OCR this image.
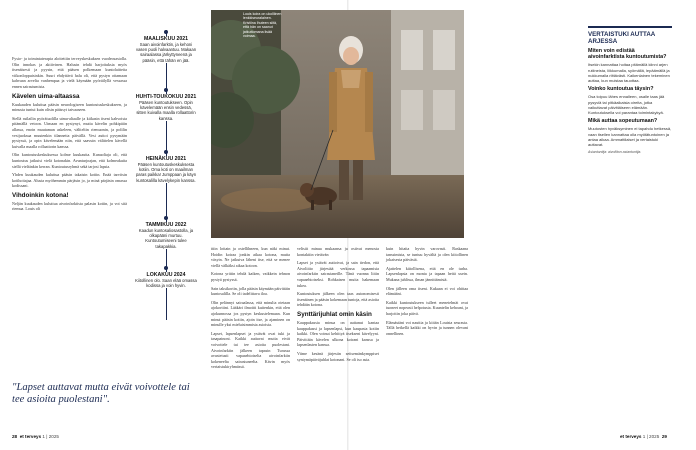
Fysio- ja toimintaterapia aloitettiin terveyskeskuksen vuodeosastolla. Olin innokas ja aktiivinen. Halusin tehdä harjoituksia myös itsenäisesti ja pyysin, että pääsen polkemaan kuntolaitteita viikonloppuisinkin. Suuri ehdyttävä halu oli, että pystyn ottamaan kahvaan arvelta vanhempaa ja vielä käymään pyöräilyllä vessassa ennen sairastumista.

Kävelen uima-altaassa

Kuukauden kuluttua pääsin neurologiseen kuntoutuskeskukseen, ja minusta tuntui kuin olisin päässyt taivaaseen.

Siellä ruilailin pyörätuolilla uima-altaalle ja kiikasin itseni kahvoista pitämällä vetoon. Uimaan en pystynyt, mutta kävelin pohkipäiin allassa, enoin muutaman askeleen, väliteltin riemuonin, ja polilin vesijuoksua muutenkin tilannetta päivällä. Vesi auttoi pysymään pystyssä, ja opin kävelemään niin, että saavuin välittelen kävellä kuivalla maalla rollaattorin kanssa.

Olin kuntoutuskeskuksessa kolme kuukautta. Kunaoliaja oli, että kuntoutus jatkuisi vielä kotonakin. Avuntarjoajan, että kolmeakuita siellä vieläinkin kerran. Kuntoutusryhmä sekä tarjosi lapsia.

Yhden kuukauden kuluttua pääsin takaisin kotiin. Enää tarvitsin kotihoitajaa. Alusta myöhemmin pärjäsin jo, ja minä pärjäsin omassa kodissani.

Vihdoinkin kotona!

Neljän kuukauden kuluttua aivoinfarktista palasin kotiin, ja voi sitä riemua. Louis oli

MAALISKUU 2021
Saan aivoinfarktin, ja kehoni vasen puoli halvaantuu. Makaan sairaalassa järkyttyneenä ja pääsin, että tähän en jää.
HUHTI-TOUKOKUU 2021
Pääsen kuntoutukseen. Opin kävelemään ensin vedessä, sitten kuivalla maalla rollaattorin kanssa.
HEINÄKUU 2021
Pääsen kuntoutuskeskuksesta kotiin. Oma koti on maailman paras paikka! Jumppaan ja käyn kuntosalilla kävelykepin kanssa.
TAMMIKUU 2022
Kaadun kuntosaliosastolla, ja olkapääni murtuu. Kuntoutumiseeni tulee takapakkia.
LOKAKUU 2024
Kiitollinen olo. Saan elää omassa kodissa ja voin hyvin.
"Lapset auttavat mutta eivät voivottele tai tee asioita puolestani".
28 et terveys 1 | 2025
Louis koira on ukolliinen lenkkiseuralainen. Kristiina lhuteen siitä, että hän on saanut jatkuttomana lisää voimaa.

ttiin lottain ja ostellihneen, kun näki minut. Hoidin koiraa jonkin aikaa kotona, mutta väsyin. Ne jatkuiva läheni itse, että se menee viellä välkäksi aikaa kotoon.

Kotona yrittin tehdä kaiken, vaikkein tehnon pystyä pystyssä.

Sain taksikortin, jolla pääsin käymään päivittäin kuntosalilla. Se oli tadelittava iloa.

Olin pelännyt sairaalassa, että minulta otetaan ajokorttini. Lääkäri ilmoitti kuitenkin, että olen ajokunnossa jos pystyn keskustelemaan. Kun minut pääsin kotiin, ajoin itse, ja ajaminen on minulle yksi mieluisimmista asioista.

Lapset, lapsenlapset ja ystävät ovat tuki ja tasapainoni. Kaikki auttavat mutta eivät voivottele tai tee asioita puolestani. Aivoinfarktin jälkeen tapasin Turussa avustetusti vapaaehtoiselta aivoinfarktin kokeneelta sairastuneelta. Kävin myös vertaistukiryhmässä.

veltsiit minua mukaansa ja ostivat menosta kontaktiin vietävän

Lapset ja ystävät auttoivat, ja sain tiedon, että Aivoliitto järjestää verkossa tapaamisia aivoinfarktin sairastaneille. Tänä vuonna liitin vapaaehtoiseksi. Rohkaisen muita hakemaan tukea.

Kuntoutuksen jälkeen olen taas autonomisesti itsenäinen ja pääsin kokemaan tuntoja, että asioita tehdään kotona.

Synttärijuhlat omin käsin

Kauppakassia minua on auttanut kantaa kauppakassi ja lapsenlapsi, kun kaupasta kotiin kaikki. Olen voinut kehittyä itsekseni kävelyyni. Päivittäin kävelen ulkona koirani kanssa ja lapsenlasten kanssa.

Viime kesänä järjestin seitsemänkymppiset syntymäpäiväjuhlat kotonani. Se oli iso asia.

kuin hitaita hyvin varovasti. Raskaana tanssimista, se tuntuu hyvältä ja olen kiitollinen jokaisesta päivästä.

Ajattelen kiitollisena, että en ole turha. Lapsenlapsia on monia ja tapaan heitä usein. Mukana juhlissa, ilman jännittämistä.

Olen jälleen oma itseni. Kukaan ei voi ohittaa elämääni.

Kaikki kuntoutukseen tulleet menetelmät ovat tuoneet nopeasti helpotusta. Kuuntelin kehoani, ja harjoitin joka päivä.

Elämästäni voi nauttia ja kiitän Louista seurasta. Tällä hetkellä kaikki on hyvin ja tunnen olevani onnellinen.

VERTAISTUKI AUTTAA ARJESSA
Miten voin edistää aivoinfarktista kuntoutumista?
Itsekin kannattaa hoitaa pitämällä kiinni arjen rutiineista, liikkumalla, syömällä, lepäämällä ja nukkumalla riittävästi. Kaikenlainen tekeminen auttaa, kun muistaa tauottaa.
Voinko kuntoutua täysin?
Osa toipuu lähes ennalleen, osalle taas jää pysyviä tai pitkäaikaisia oireita, jotka vaikuttavat päivittäiseen elämään. Kuntoutuksella voi parantaa toimintakykyä.
Mikä auttaa sopeutumaan?
Muutosten hyväksyminen ei tapahdu hetkessä, vaan itsellen kannattaa olla myötätuntoinen ja antaa aikaa. Ammattilaiset ja vertaistuki auttavat.
Asiantuntija: aivoliiton asiantuntija.
et terveys 1 | 2025 29
